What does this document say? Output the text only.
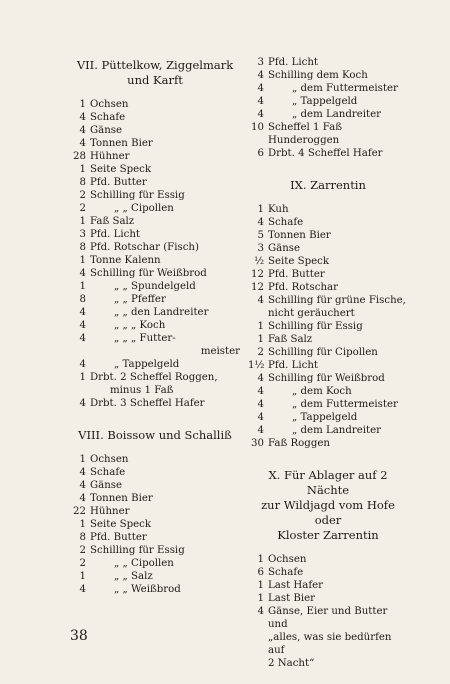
VII. Püttelkow, Ziggelmark

und Karft

1 Ochsen
4 Schafe
4 Gänse
4 Tonnen Bier
28 Hühner
1 Seite Speck
8 Pfd. Butter
2 Schilling für Essig
2	„ „ Cipollen
1 Faß Salz
3 Pfd. Licht
8 Pfd. Rotschar (Fisch)
1 Tonne Kalenn
4 Schilling für Weißbrod
1	„ „ Spundelgeld
8	„ „ Pfeffer
4	„ „ den Landreiter
4	„ „ „ Koch
4	„ „ „ Futter-
meister
4	„ Tappelgeld
1 Drbt. 2 Scheffel Roggen,
minus 1 Faß
4 Drbt. 3 Scheffel Hafer

VIII. Boissow und Schalliß

1 Ochsen
4 Schafe
4 Gänse
4 Tonnen Bier
22 Hühner
1 Seite Speck
8 Pfd. Butter
2 Schilling für Essig
2	„ „ Cipollen
1	„ „ Salz
4	„ „ Weißbrod
3 Pfd. Licht
4 Schilling dem Koch
4	„ dem Futtermeister
4	„ Tappelgeld
4	„ dem Landreiter
10 Scheffel 1 Faß Hunderoggen
6 Drbt. 4 Scheffel Hafer

IX. Zarrentin

1 Kuh
4 Schafe
5 Tonnen Bier
3 Gänse
½ Seite Speck
12 Pfd. Butter
12 Pfd. Rotschar
4 Schilling für grüne Fische,
nicht geräuchert
1 Schilling für Essig
1 Faß Salz
2 Schilling für Cipollen
1½ Pfd. Licht
4 Schilling für Weißbrod
4	„ dem Koch
4	„ dem Futtermeister
4	„ Tappelgeld
4	„ dem Landreiter
30 Faß Roggen

X. Für Ablager auf 2 Nächte

zur Wildjagd vom Hofe oder

Kloster Zarrentin

1 Ochsen
6 Schafe
1 Last Hafer
1 Last Bier
4 Gänse, Eier und Butter und
„alles, was sie bedürfen auf
2 Nacht“
38
